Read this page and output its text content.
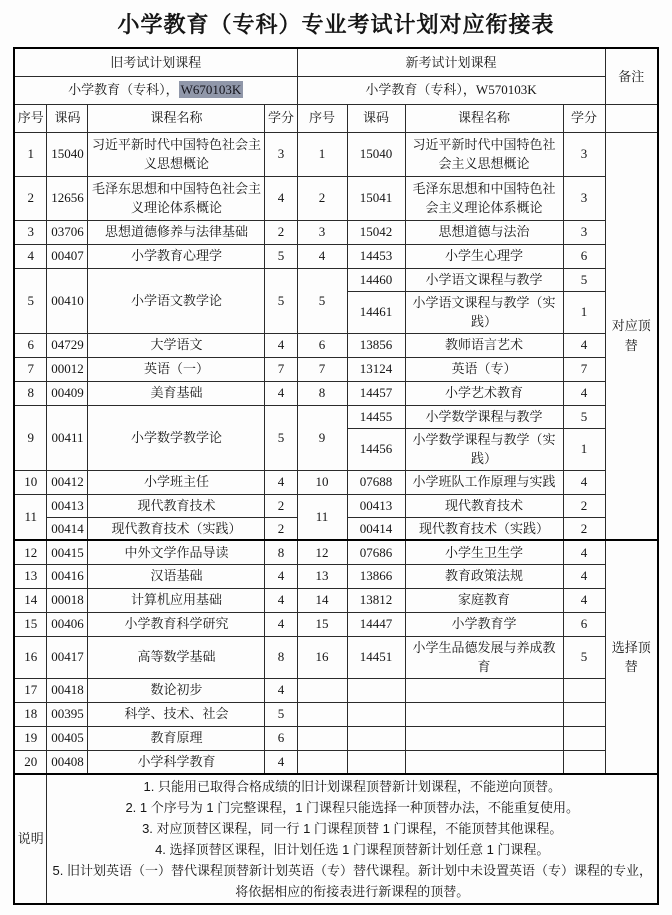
小学教育（专科）专业考试计划对应衔接表
旧考试计划课程				新考试计划课程				备注
小学教育（专科）， W670103K				小学教育（专科），W570103K				
序号	课码	课程名称	学分	序号	课码	课程名称	学分	
1	15040	习近平新时代中国特色社会主义思想概论	3	1	15040	习近平新时代中国特色社会主义思想概论	3	对应顶替
2	12656	毛泽东思想和中国特色社会主义理论体系概论	4	2	15041	毛泽东思想和中国特色社会主义理论体系概论	3	
3	03706	思想道德修养与法律基础	2	3	15042	思想道德与法治	3	
4	00407	小学教育心理学	5	4	14453	小学生心理学	6	
5	00410	小学语文教学论	5	5	14460	小学语文课程与教学	5	
					14461	小学语文课程与教学（实践）	1	
6	04729	大学语文	4	6	13856	教师语言艺术	4	
7	00012	英语（一）	7	7	13124	英语（专）	7	
8	00409	美育基础	4	8	14457	小学艺术教育	4	
9	00411	小学数学教学论	5	9	14455	小学数学课程与教学	5	
					14456	小学数学课程与教学（实践）	1	
10	00412	小学班主任	4	10	07688	小学班队工作原理与实践	4	
11	00413	现代教育技术	2	11	00413	现代教育技术	2	
	00414	现代教育技术（实践）	2		00414	现代教育技术（实践）	2	
12	00415	中外文学作品导读	8	12	07686	小学生卫生学	4	选择顶替
13	00416	汉语基础	4	13	13866	教育政策法规	4	
14	00018	计算机应用基础	4	14	13812	家庭教育	4	
15	00406	小学教育科学研究	4	15	14447	小学教育学	6	
16	00417	高等数学基础	8	16	14451	小学生品德发展与养成教育	5	
17	00418	数论初步	4					
18	00395	科学、技术、社会	5					
19	00405	教育原理	6					
20	00408	小学科学教育	4					
说明	1. 只能用已取得合格成绩的旧计划课程顶替新计划课程，不能逆向顶替。
2. 1 个序号为 1 门完整课程，1 门课程只能选择一种顶替办法，不能重复使用。
3. 对应顶替区课程，同一行 1 门课程顶替 1 门课程，不能顶替其他课程。
4. 选择顶替区课程，旧计划任选 1 门课程顶替新计划任意 1 门课程。
5. 旧计划英语（一）替代课程顶替新计划英语（专）替代课程。新计划中未设置英语（专）课程的专业，将依据相应的衔接表进行新课程的顶替。							
